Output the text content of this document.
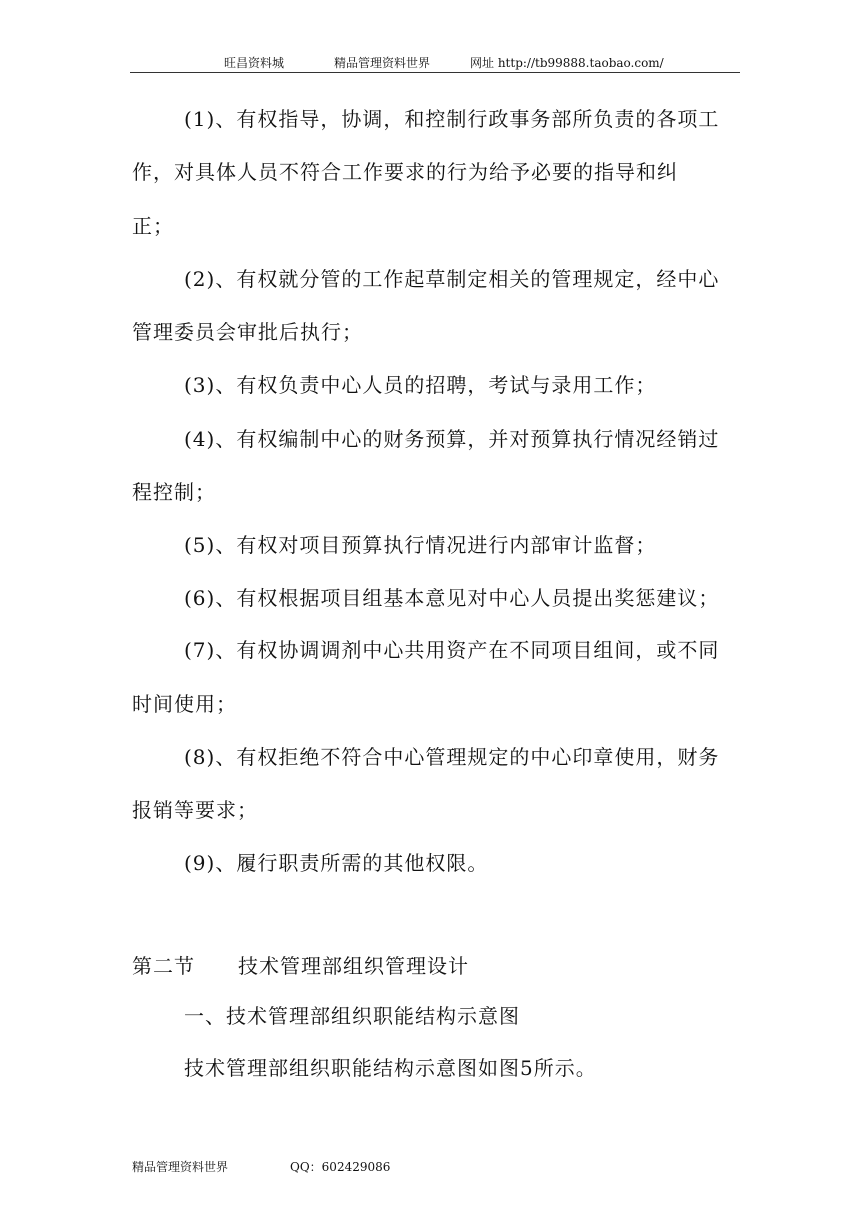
旺昌资料城	精品管理资料世界	网址 http://tb99888.taobao.com/
(1)、有权指导，协调，和控制行政事务部所负责的各项工
作，对具体人员不符合工作要求的行为给予必要的指导和纠
正；
(2)、有权就分管的工作起草制定相关的管理规定，经中心
管理委员会审批后执行；
(3)、有权负责中心人员的招聘，考试与录用工作；
(4)、有权编制中心的财务预算，并对预算执行情况经销过
程控制；
(5)、有权对项目预算执行情况进行内部审计监督；
(6)、有权根据项目组基本意见对中心人员提出奖惩建议；
(7)、有权协调调剂中心共用资产在不同项目组间，或不同
时间使用；
(8)、有权拒绝不符合中心管理规定的中心印章使用，财务
报销等要求；
(9)、履行职责所需的其他权限。
第二节 技术管理部组织管理设计
一、技术管理部组织职能结构示意图
技术管理部组织职能结构示意图如图5所示。
精品管理资料世界	QQ：602429086
